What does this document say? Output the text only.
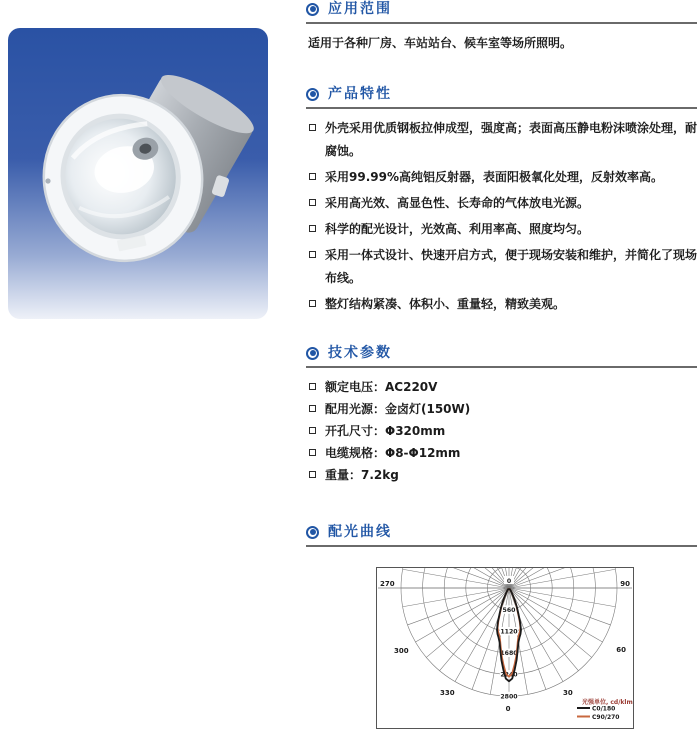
应用范围

适用于各种厂房、车站站台、候车室等场所照明。

产品特性
外壳采用优质钢板拉伸成型，强度高；表面高压静电粉沫喷涂处理，耐腐蚀。
采用99.99%高纯铝反射器，表面阳极氧化处理，反射效率高。
采用高光效、高显色性、长寿命的气体放电光源。
科学的配光设计，光效高、利用率高、照度均匀。
采用一体式设计、快速开启方式，便于现场安装和维护，并简化了现场布线。
整灯结构紧凑、体积小、重量轻，精致美观。
技术参数
额定电压：AC220V
配用光源：金卤灯(150W)
开孔尺寸：Φ320mm
电缆规格：Φ8-Φ12mm
重量：7.2kg
配光曲线
560
1120
1680
2240
2800
0
270
300
330
0
30
60
90
光强单位, cd/klm
C0/180
C90/270
